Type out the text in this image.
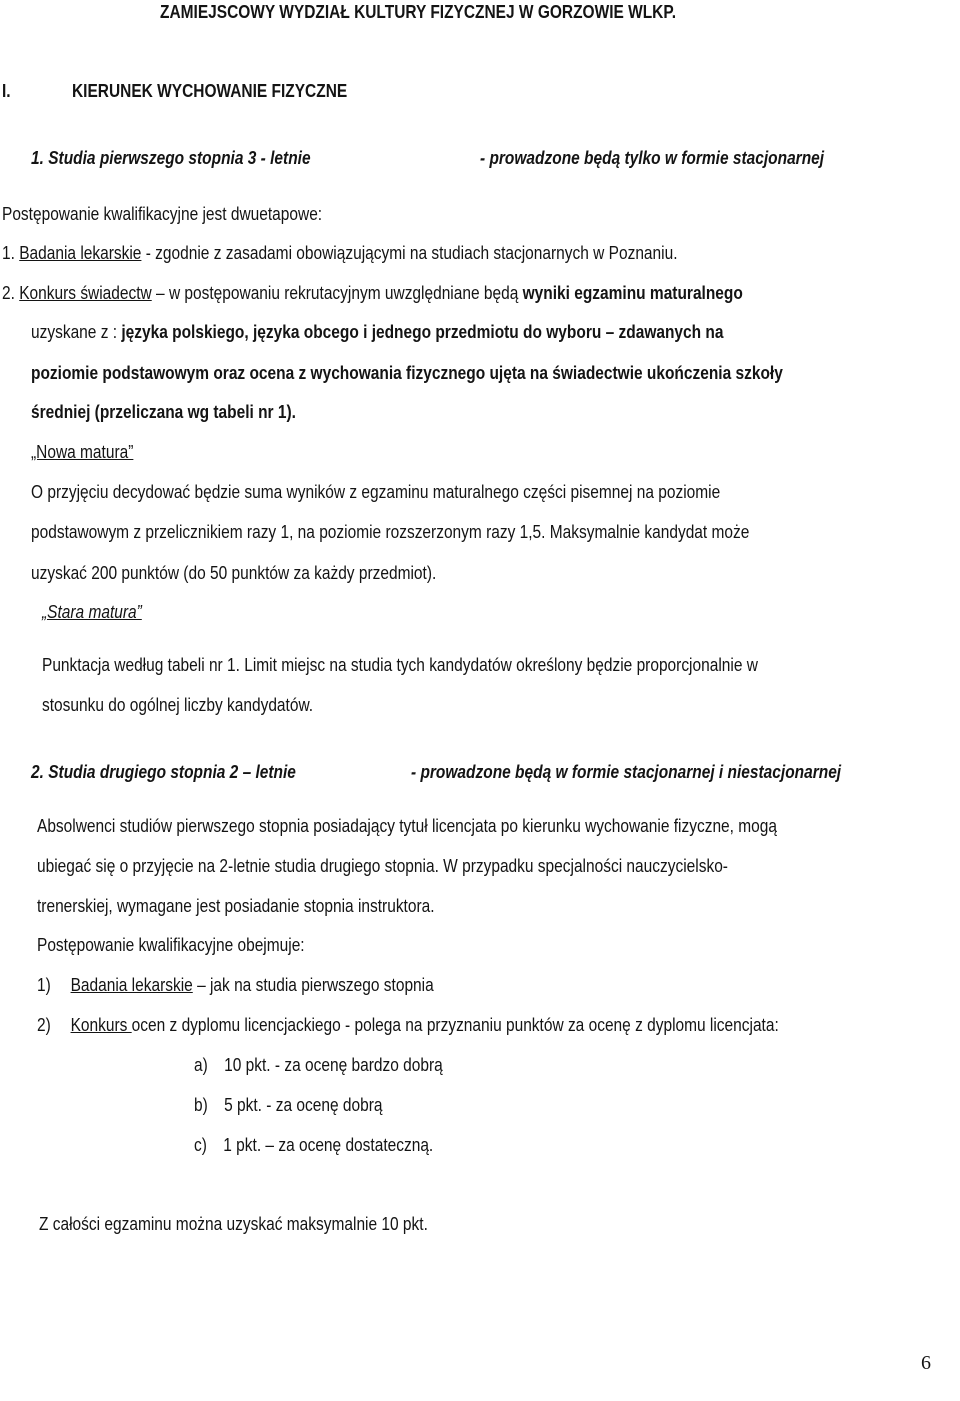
ZAMIEJSCOWY WYDZIAŁ KULTURY FIZYCZNEJ W GORZOWIE WLKP.
I.	KIERUNEK WYCHOWANIE FIZYCZNE
1. Studia pierwszego stopnia 3 - letnie	- prowadzone będą tylko w formie stacjonarnej
Postępowanie kwalifikacyjne jest dwuetapowe:
1. Badania lekarskie - zgodnie z zasadami obowiązującymi na studiach stacjonarnych w Poznaniu.
2. Konkurs świadectw – w postępowaniu rekrutacyjnym uwzględniane będą wyniki egzaminu maturalnego
uzyskane z : języka polskiego, języka obcego i jednego przedmiotu do wyboru – zdawanych na
poziomie podstawowym oraz ocena z wychowania fizycznego ujęta na świadectwie ukończenia szkoły
średniej (przeliczana wg tabeli nr 1).
„Nowa matura”
O przyjęciu decydować będzie suma wyników z egzaminu maturalnego części pisemnej na poziomie
podstawowym z przelicznikiem razy 1, na poziomie rozszerzonym razy 1,5. Maksymalnie kandydat może
uzyskać 200 punktów (do 50 punktów za każdy przedmiot).
„Stara matura”
Punktacja według tabeli nr 1. Limit miejsc na studia tych kandydatów określony będzie proporcjonalnie w
stosunku do ogólnej liczby kandydatów.
2. Studia drugiego stopnia 2 – letnie	- prowadzone będą w formie stacjonarnej i niestacjonarnej
Absolwenci studiów pierwszego stopnia posiadający tytuł licencjata po kierunku wychowanie fizyczne, mogą
ubiegać się o przyjęcie na 2-letnie studia drugiego stopnia. W przypadku specjalności nauczycielsko-
trenerskiej, wymagane jest posiadanie stopnia instruktora.
Postępowanie kwalifikacyjne obejmuje:
1) Badania lekarskie – jak na studia pierwszego stopnia
2) Konkurs ocen z dyplomu licencjackiego - polega na przyznaniu punktów za ocenę z dyplomu licencjata:
a) 10 pkt. - za ocenę bardzo dobrą
b) 5 pkt. - za ocenę dobrą
c) 1 pkt. – za ocenę dostateczną.
Z całości egzaminu można uzyskać maksymalnie 10 pkt.
6
